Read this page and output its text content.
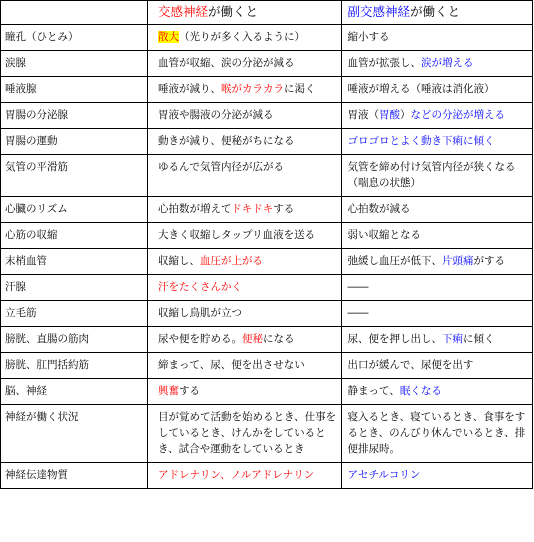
	交感神経が働くと	副交感神経が働くと
瞳孔（ひとみ）	散大（光りが多く入るように）	縮小する
涙腺	血管が収縮、涙の分泌が減る	血管が拡張し、涙が増える
唾液腺	唾液が減り、喉がカラカラに渇く	唾液が増える（唾液は消化液）
胃腸の分泌腺	胃液や腸液の分泌が減る	胃液（胃酸）などの分泌が増える
胃腸の運動	動きが減り、便秘がちになる	ゴロゴロとよく動き下痢に傾く
気管の平滑筋	ゆるんで気管内径が広がる	気管を締め付け気管内径が狭くなる（喘息の状態）
心臓のリズム	心拍数が増えてドキドキする	心拍数が減る
心筋の収縮	大きく収縮しタップリ血液を送る	弱い収縮となる
末梢血管	収縮し、血圧が上がる	弛緩し血圧が低下、片頭痛がする
汗腺	汗をたくさんかく	――
立毛筋	収縮し鳥肌が立つ	――
膀胱、直腸の筋肉	尿や便を貯める。便秘になる	尿、便を押し出し、下痢に傾く
膀胱、肛門括約筋	締まって、尿、便を出させない	出口が緩んで、尿便を出す
脳、神経	興奮する	静まって、眠くなる
神経が働く状況	目が覚めて活動を始めるとき、仕事をしているとき、けんかをしているとき、試合や運動をしているとき	寝入るとき、寝ているとき、食事をするとき、のんびり休んでいるとき、排便排尿時。
神経伝達物質	アドレナリン、ノルアドレナリン	アセチルコリン
